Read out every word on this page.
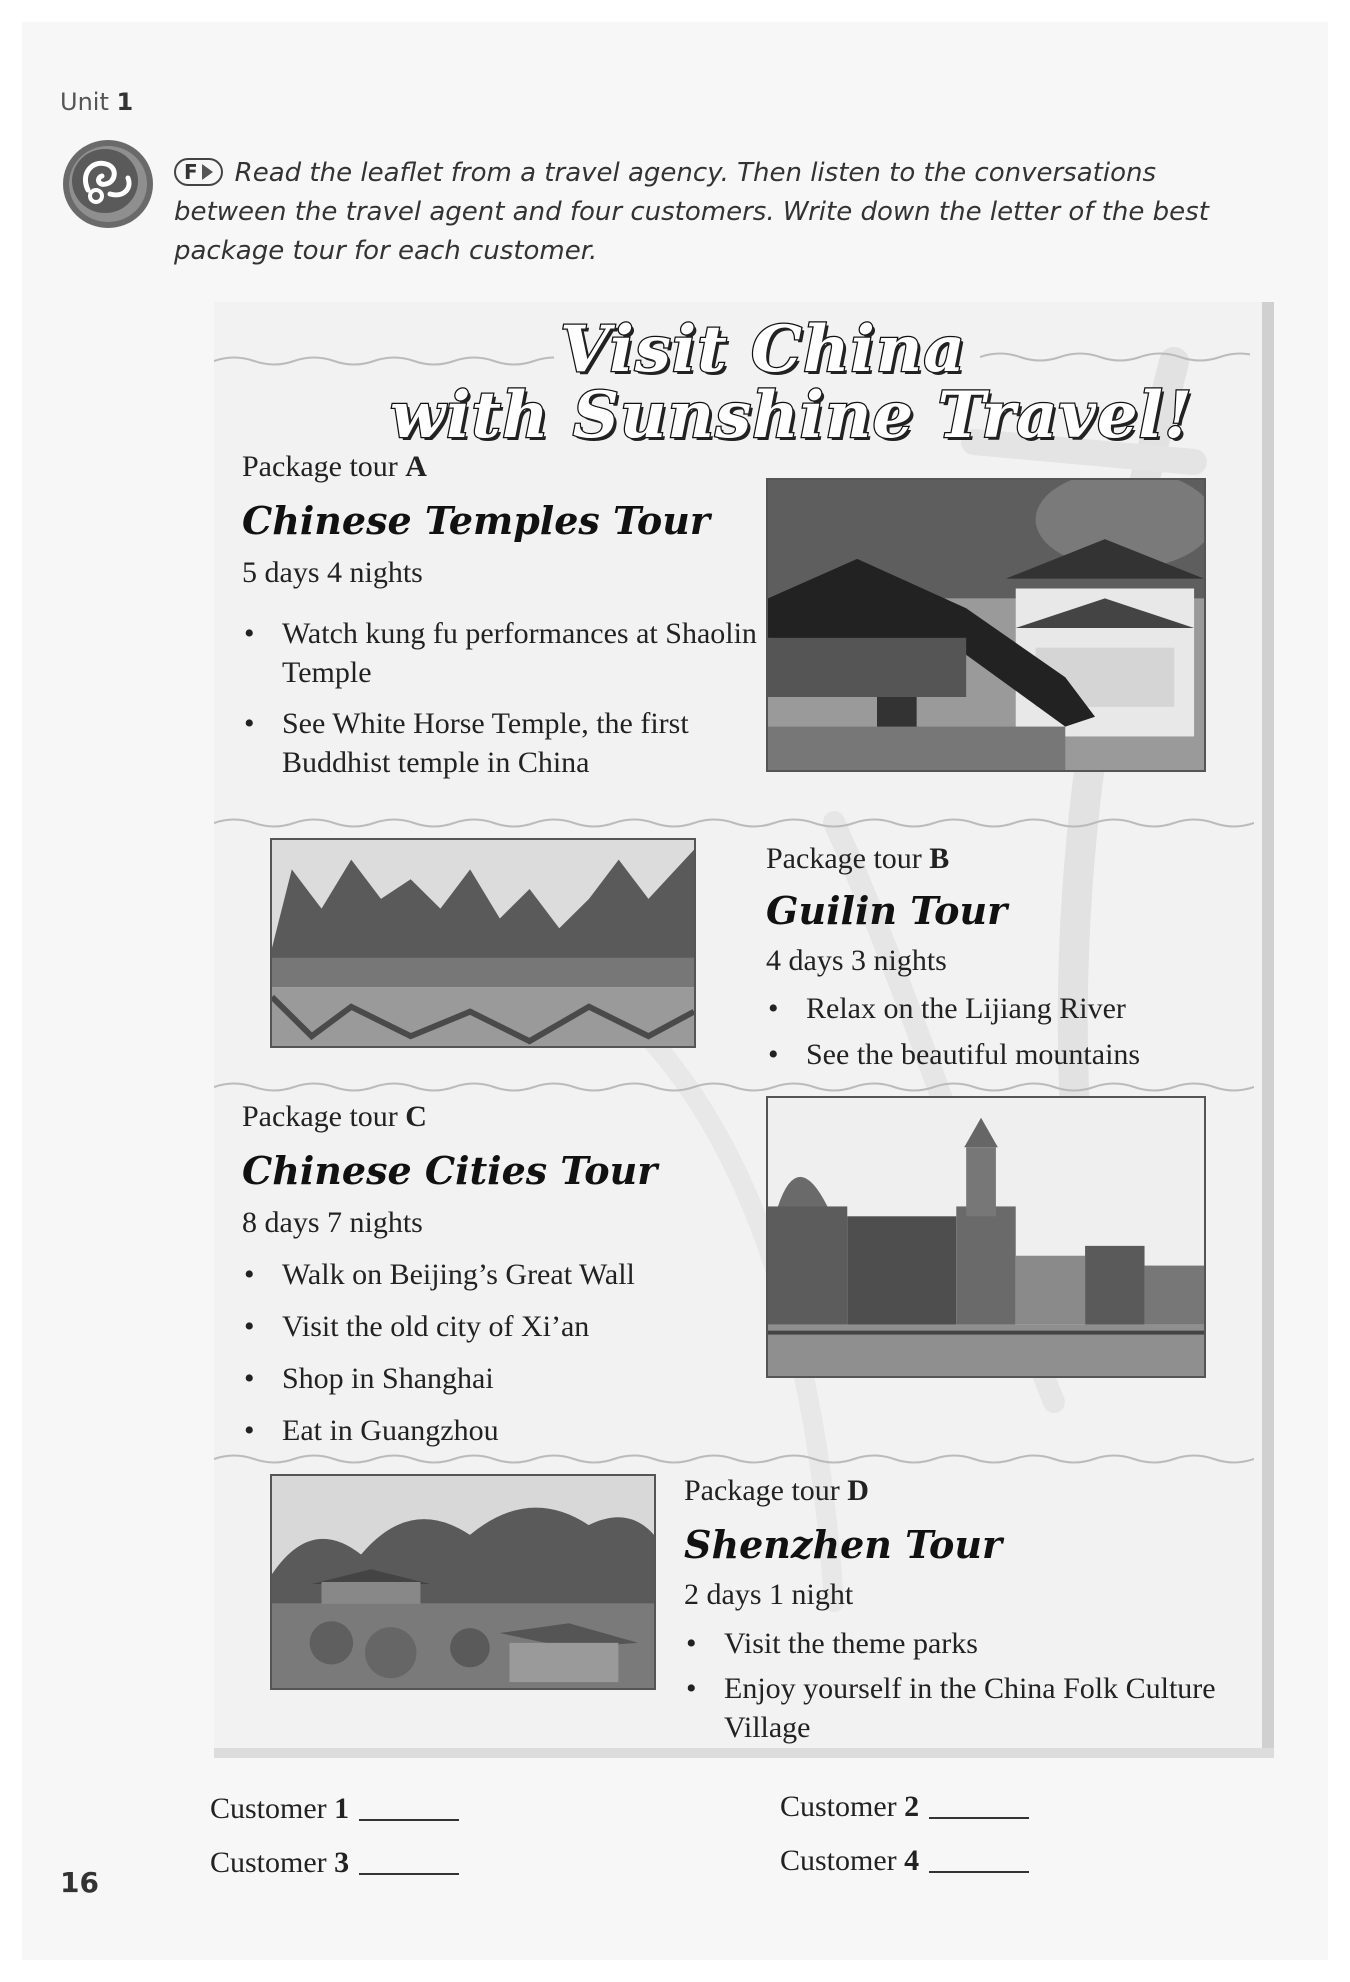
Unit 1
F Read the leaflet from a travel agency. Then listen to the conversations between the travel agent and four customers. Write down the letter of the best package tour for each customer.
Visit China
with Sunshine Travel!
Package tour A
Chinese Temples Tour
5 days 4 nights
• Watch kung fu performances at Shaolin Temple
• See White Horse Temple, the first Buddhist temple in China
Package tour B
Guilin Tour
4 days 3 nights
• Relax on the Lijiang River
• See the beautiful mountains
Package tour C
Chinese Cities Tour
8 days 7 nights
• Walk on Beijing’s Great Wall
• Visit the old city of Xi’an
• Shop in Shanghai
• Eat in Guangzhou
Package tour D
Shenzhen Tour
2 days 1 night
• Visit the theme parks
• Enjoy yourself in the China Folk Culture Village
Customer 1	Customer 2
Customer 3	Customer 4
16
